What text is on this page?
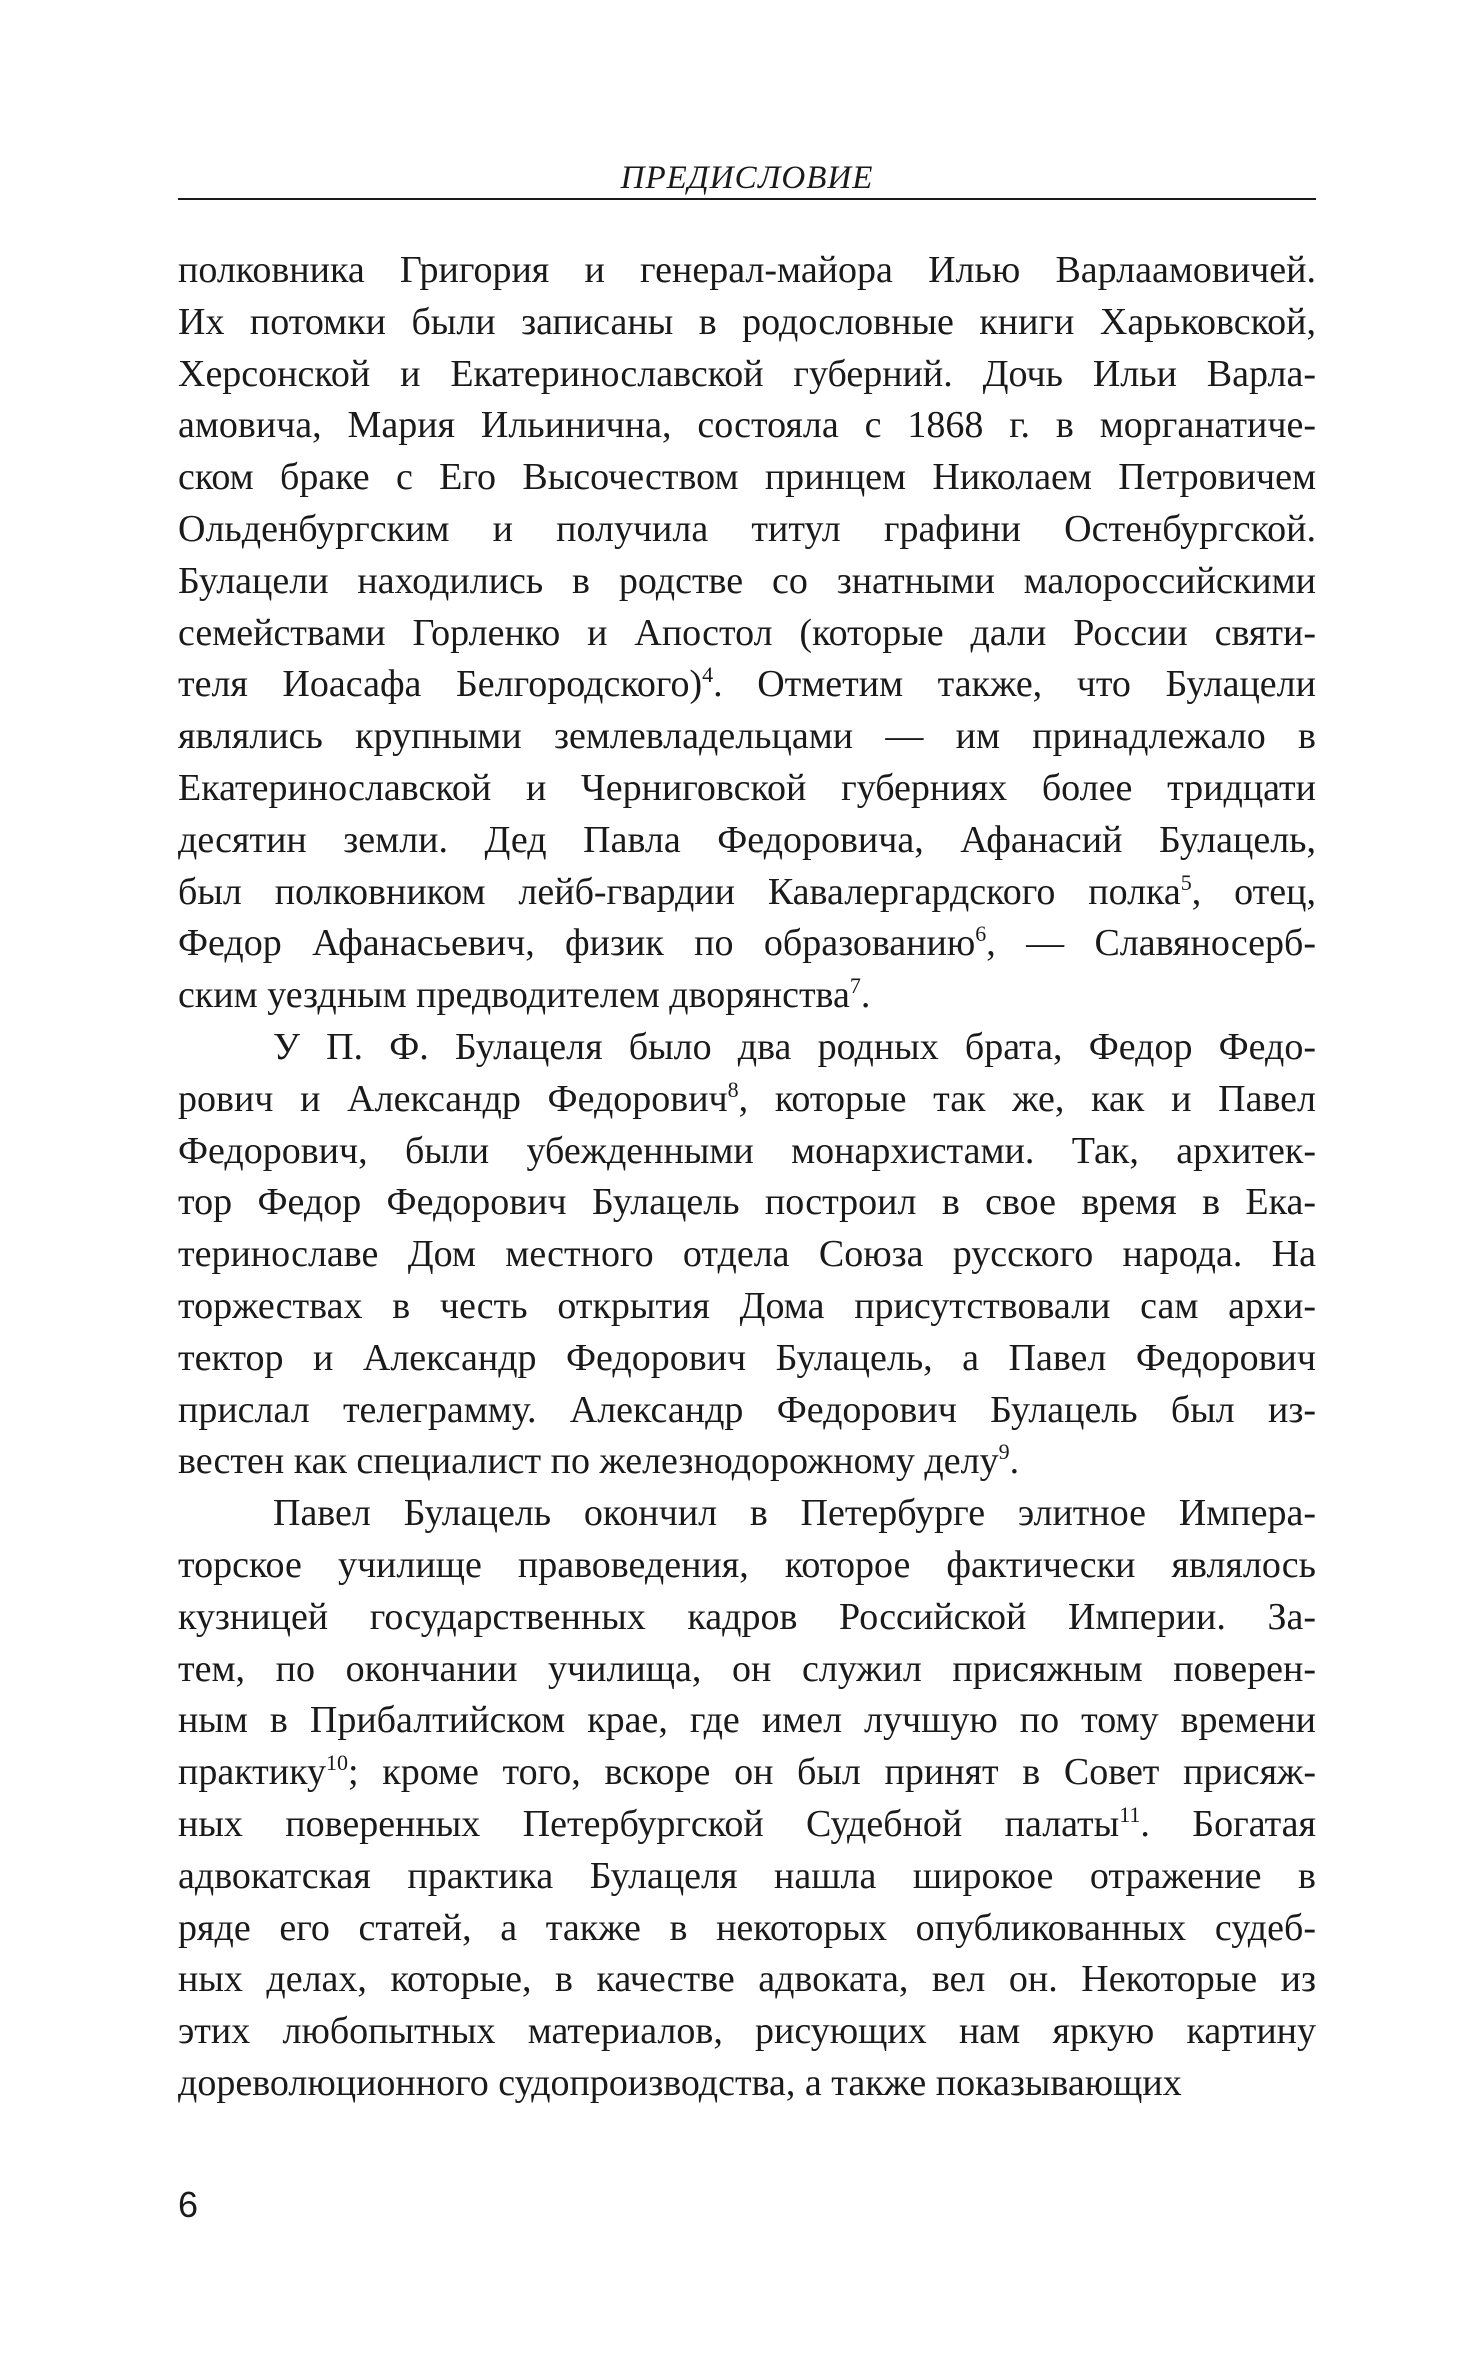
ПРЕДИСЛОВИЕ
полковника Григория и генерал-майора Илью Варлаамовичей.
Их потомки были записаны в родословные книги Харьковской,
Херсонской и Екатеринославской губерний. Дочь Ильи Варла-
амовича, Мария Ильинична, состояла с 1868 г. в морганатиче-
ском браке с Его Высочеством принцем Николаем Петровичем
Ольденбургским и получила титул графини Остенбургской.
Булацели находились в родстве со знатными малороссийскими
семействами Горленко и Апостол (которые дали России святи-
теля Иоасафа Белгородского)$^4$. Отметим также, что Булацели
являлись крупными землевладельцами — им принадлежало в
Екатеринославской и Черниговской губерниях более тридцати
десятин земли. Дед Павла Федоровича, Афанасий Булацель,
был полковником лейб-гвардии Кавалергардского полка$^5$, отец,
Федор Афанасьевич, физик по образованию$^6$, — Славяносерб-
ским уездным предводителем дворянства$^7$.
У П. Ф. Булацеля было два родных брата, Федор Федо-
рович и Александр Федорович$^8$, которые так же, как и Павел
Федорович, были убежденными монархистами. Так, архитек-
тор Федор Федорович Булацель построил в свое время в Ека-
теринославе Дом местного отдела Союза русского народа. На
торжествах в честь открытия Дома присутствовали сам архи-
тектор и Александр Федорович Булацель, а Павел Федорович
прислал телеграмму. Александр Федорович Булацель был из-
вестен как специалист по железнодорожному делу$^9$.
Павел Булацель окончил в Петербурге элитное Импера-
торское училище правоведения, которое фактически являлось
кузницей государственных кадров Российской Империи. За-
тем, по окончании училища, он служил присяжным поверен-
ным в Прибалтийском крае, где имел лучшую по тому времени
практику$^{10}$; кроме того, вскоре он был принят в Совет присяж-
ных поверенных Петербургской Судебной палаты$^{11}$. Богатая
адвокатская практика Булацеля нашла широкое отражение в
ряде его статей, а также в некоторых опубликованных судеб-
ных делах, которые, в качестве адвоката, вел он. Некоторые из
этих любопытных материалов, рисующих нам яркую картину
дореволюционного судопроизводства, а также показывающих
6
